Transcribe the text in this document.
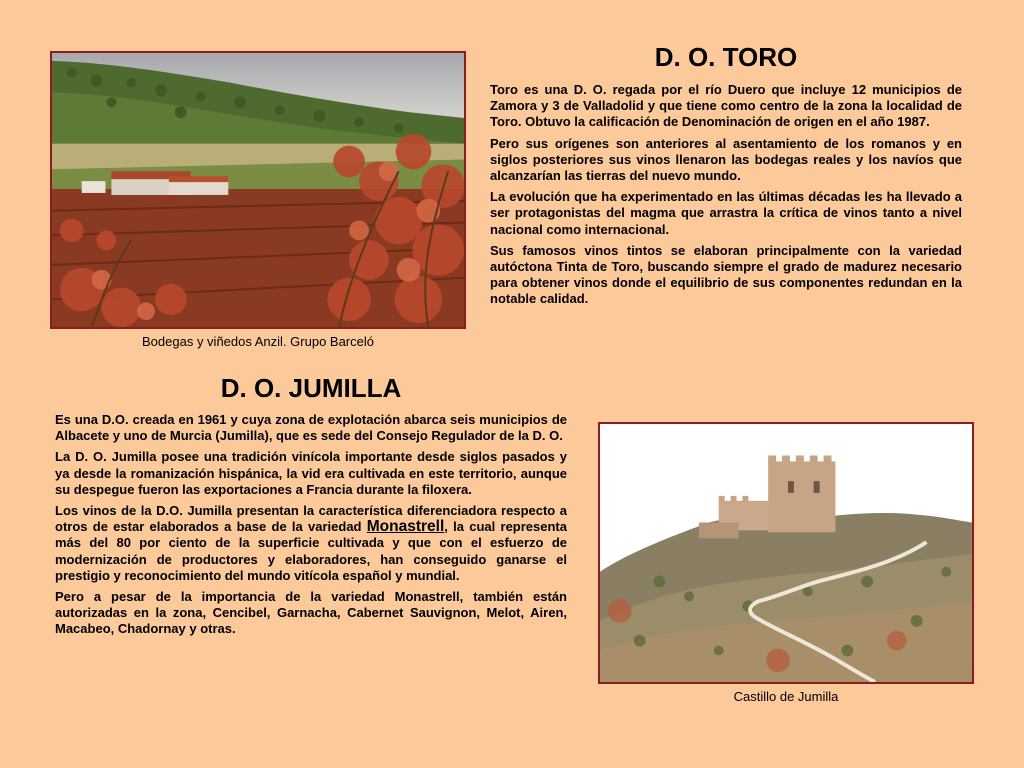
Bodegas y viñedos Anzil. Grupo Barceló
D. O. TORO

Toro es una D. O. regada por el río Duero que incluye 12 municipios de Zamora y 3 de Valladolid y que tiene como centro de la zona la localidad de Toro. Obtuvo la calificación de Denominación de origen en el año 1987.

Pero sus orígenes son anteriores al asentamiento de los romanos y en siglos posteriores sus vinos llenaron las bodegas reales y los navíos que alcanzarían las tierras del nuevo mundo.

La evolución que ha experimentado en las últimas décadas les ha llevado a ser protagonistas del magma que arrastra la crítica de vinos tanto a nivel nacional como internacional.

Sus famosos vinos tintos se elaboran principalmente con la variedad autóctona Tinta de Toro, buscando siempre el grado de madurez necesario para obtener vinos donde el equilibrio de sus componentes redundan en la notable calidad.

D. O. JUMILLA

Es una D.O. creada en 1961 y cuya zona de explotación abarca seis municipios de Albacete y uno de Murcia (Jumilla), que es sede del Consejo Regulador de la D. O.

La D. O. Jumilla posee una tradición vinícola importante desde siglos pasados y ya desde la romanización hispánica, la vid era cultivada en este territorio, aunque su despegue fueron las exportaciones a Francia durante la filoxera.

Los vinos de la D.O. Jumilla presentan la característica diferenciadora respecto a otros de estar elaborados a base de la variedad Monastrell, la cual representa más del 80 por ciento de la superficie cultivada y que con el esfuerzo de modernización de productores y elaboradores, han conseguido ganarse el prestigio y reconocimiento del mundo vitícola español y mundial.

Pero a pesar de la importancia de la variedad Monastrell, también están autorizadas en la zona, Cencibel, Garnacha, Cabernet Sauvignon, Melot, Airen, Macabeo, Chadornay y otras.

Castillo de Jumilla
